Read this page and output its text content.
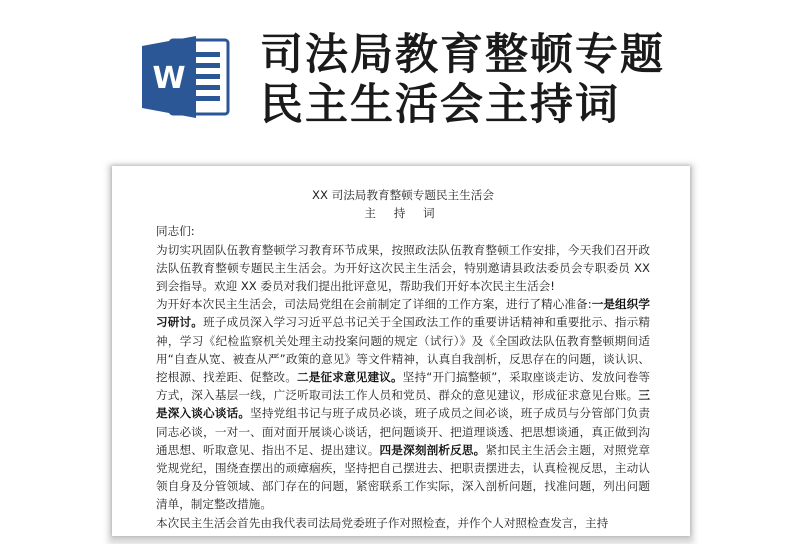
W 司法局教育整顿专题
民主生活会主持词
XX 司法局教育整顿专题民主生活会
主 持 词
同志们:
为切实巩固队伍教育整顿学习教育环节成果，按照政法队伍教育整顿工作安排，今天我们召开政法队伍教育整顿专题民主生活会。为开好这次民主生活会，特别邀请县政法委员会专职委员 XX 到会指导。欢迎 XX 委员对我们提出批评意见，帮助我们开好本次民主生活会!
为开好本次民主生活会，司法局党组在会前制定了详细的工作方案，进行了精心准备:一是组织学习研讨。班子成员深入学习习近平总书记关于全国政法工作的重要讲话精神和重要批示、指示精神，学习《纪检监察机关处理主动投案问题的规定（试行）》及《全国政法队伍教育整顿期间适用“自查从宽、被查从严”政策的意见》等文件精神，认真自我剖析，反思存在的问题，谈认识、挖根源、找差距、促整改。二是征求意见建议。坚持“开门搞整顿”，采取座谈走访、发放问卷等方式，深入基层一线，广泛听取司法工作人员和党员、群众的意见建议，形成征求意见台账。三是深入谈心谈话。坚持党组书记与班子成员必谈，班子成员之间必谈，班子成员与分管部门负责同志必谈，一对一、面对面开展谈心谈话，把问题谈开、把道理谈透、把思想谈通，真正做到沟通思想、听取意见、指出不足、提出建议。四是深刻剖析反思。紧扣民主生活会主题，对照党章党规党纪，围绕查摆出的顽瘴痼疾，坚持把自己摆进去、把职责摆进去，认真检视反思，主动认领自身及分管领域、部门存在的问题，紧密联系工作实际，深入剖析问题，找准问题，列出问题清单，制定整改措施。
本次民主生活会首先由我代表司法局党委班子作对照检查，并作个人对照检查发言，主持
